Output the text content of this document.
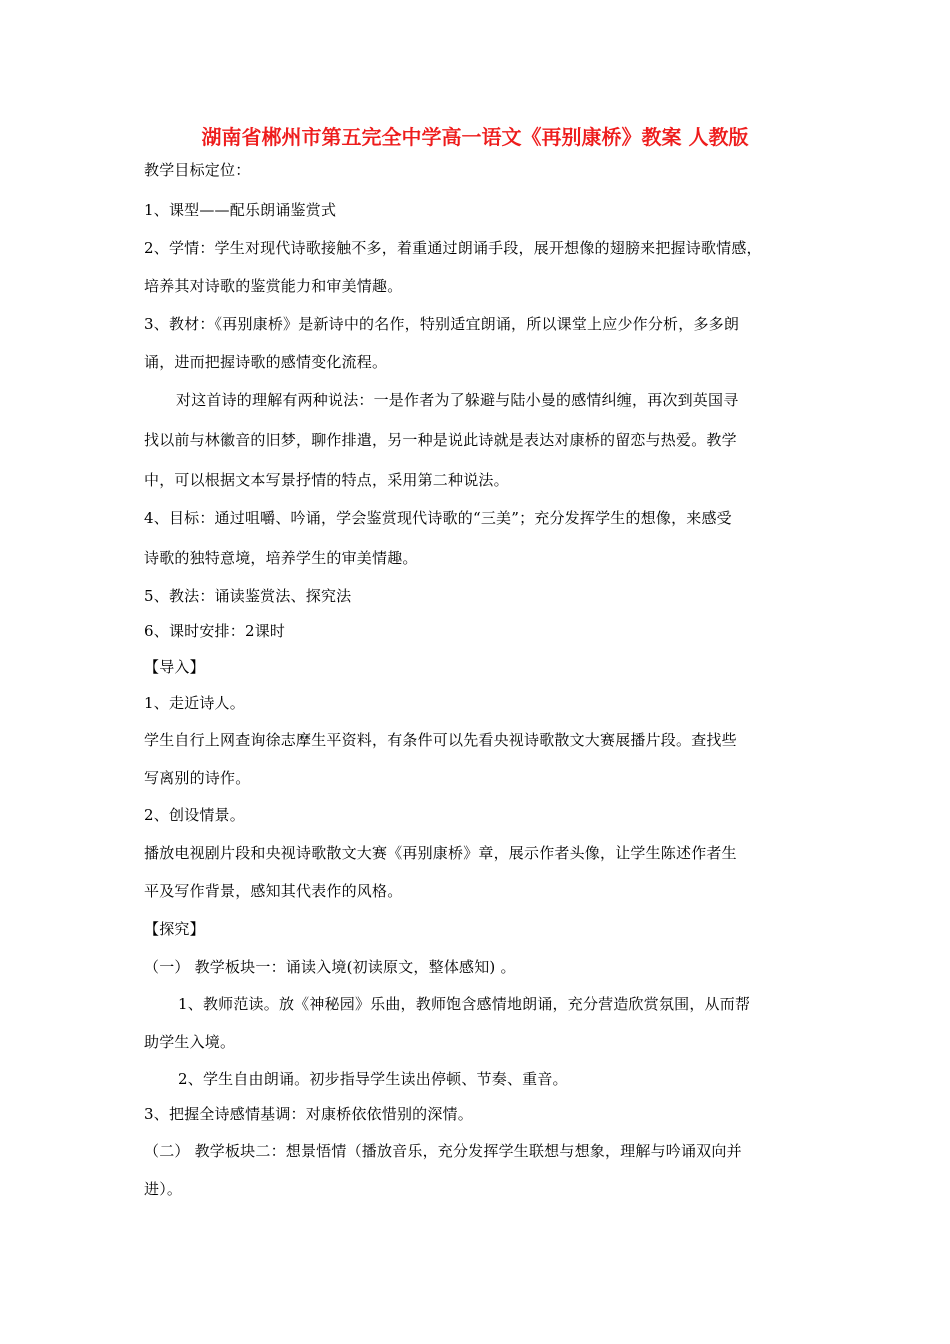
湖南省郴州市第五完全中学高一语文《再别康桥》教案 人教版
教学目标定位：
1、课型——配乐朗诵鉴赏式
2、学情：学生对现代诗歌接触不多，着重通过朗诵手段，展开想像的翅膀来把握诗歌情感，
培养其对诗歌的鉴赏能力和审美情趣。
3、教材：《再别康桥》是新诗中的名作，特别适宜朗诵，所以课堂上应少作分析，多多朗
诵，进而把握诗歌的感情变化流程。
对这首诗的理解有两种说法：一是作者为了躲避与陆小曼的感情纠缠，再次到英国寻
找以前与林徽音的旧梦，聊作排遣，另一种是说此诗就是表达对康桥的留恋与热爱。教学
中，可以根据文本写景抒情的特点，采用第二种说法。
4、目标：通过咀嚼、吟诵，学会鉴赏现代诗歌的“三美”；充分发挥学生的想像，来感受
诗歌的独特意境，培养学生的审美情趣。
5、教法：诵读鉴赏法、探究法
6、课时安排：2课时
【导入】
1、走近诗人。
学生自行上网查询徐志摩生平资料，有条件可以先看央视诗歌散文大赛展播片段。查找些
写离别的诗作。
2、创设情景。
播放电视剧片段和央视诗歌散文大赛《再别康桥》章，展示作者头像，让学生陈述作者生
平及写作背景，感知其代表作的风格。
【探究】
（一） 教学板块一：诵读入境(初读原文，整体感知) 。
1、教师范读。放《神秘园》乐曲，教师饱含感情地朗诵，充分营造欣赏氛围，从而帮
助学生入境。
2、学生自由朗诵。初步指导学生读出停顿、节奏、重音。
3、把握全诗感情基调：对康桥依依惜别的深情。
（二） 教学板块二：想景悟情（播放音乐，充分发挥学生联想与想象，理解与吟诵双向并
进）。
